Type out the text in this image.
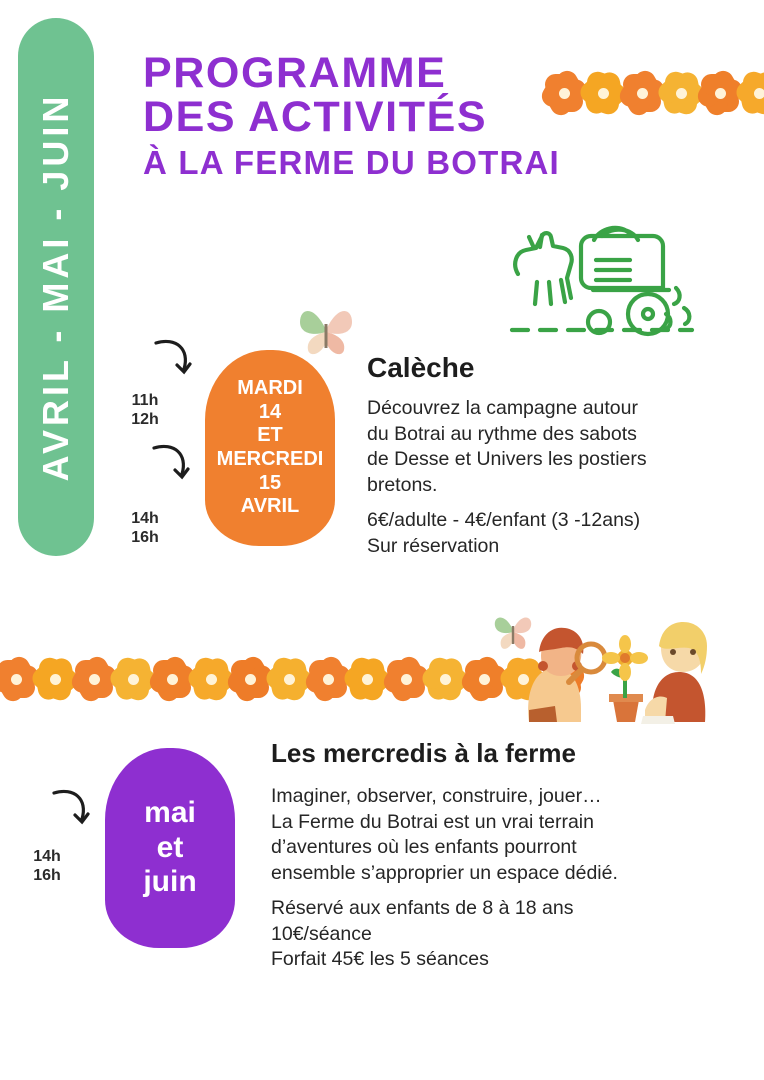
AVRIL - MAI - JUIN
PROGRAMME
DES ACTIVITÉS
À LA FERME DU BOTRAI
11h
12h
14h
16h
MARDI
14
ET
MERCREDI
15
AVRIL
Calèche

Découvrez la campagne autour

du Botrai au rythme des sabots

de Desse et Univers les postiers

bretons.

6€/adulte - 4€/enfant (3 -12ans)

Sur réservation

14h
16h
mai
et
juin
Les mercredis à la ferme

Imaginer, observer, construire, jouer…

La Ferme du Botrai est un vrai terrain

d’aventures où les enfants pourront

ensemble s’approprier un espace dédié.

Réservé aux enfants de 8 à 18 ans

10€/séance

Forfait 45€ les 5 séances
